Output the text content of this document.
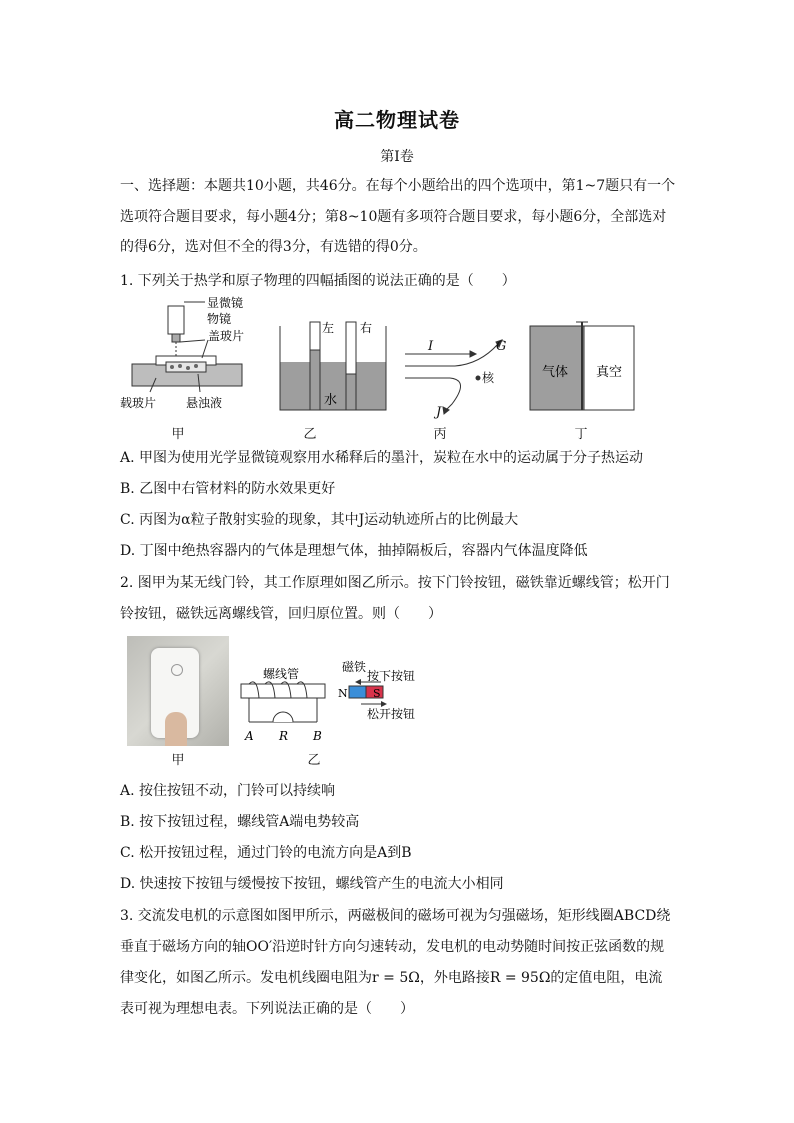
高二物理试卷
第I卷
一、选择题：本题共10小题，共46分。在每个小题给出的四个选项中，第1~7题只有一个选项符合题目要求，每小题4分；第8~10题有多项符合题目要求，每小题6分，全部选对的得6分，选对但不全的得3分，有选错的得0分。
1. 下列关于热学和原子物理的四幅插图的说法正确的是（　　）
显微镜
物镜
盖玻片
载玻片 悬浊液
左 右
水
I	G
J
核	气体 真空
甲	乙	丙	丁
A. 甲图为使用光学显微镜观察用水稀释后的墨汁，炭粒在水中的运动属于分子热运动
B. 乙图中右管材料的防水效果更好
C. 丙图为α粒子散射实验的现象，其中J运动轨迹所占的比例最大
D. 丁图中绝热容器内的气体是理想气体，抽掉隔板后，容器内气体温度降低
2. 图甲为某无线门铃，其工作原理如图乙所示。按下门铃按钮，磁铁靠近螺线管；松开门
铃按钮，磁铁远离螺线管，回归原位置。则（　　）
螺线管
N S
磁铁
按下按钮
松开按钮
A R B
甲	乙
A. 按住按钮不动，门铃可以持续响
B. 按下按钮过程，螺线管A端电势较高
C. 松开按钮过程，通过门铃的电流方向是A到B
D. 快速按下按钮与缓慢按下按钮，螺线管产生的电流大小相同
3. 交流发电机的示意图如图甲所示，两磁极间的磁场可视为匀强磁场，矩形线圈ABCD绕
垂直于磁场方向的轴OO′沿逆时针方向匀速转动，发电机的电动势随时间按正弦函数的规
律变化，如图乙所示。发电机线圈电阻为r = 5Ω，外电路接R = 95Ω的定值电阻，电流
表可视为理想电表。下列说法正确的是（　　）
